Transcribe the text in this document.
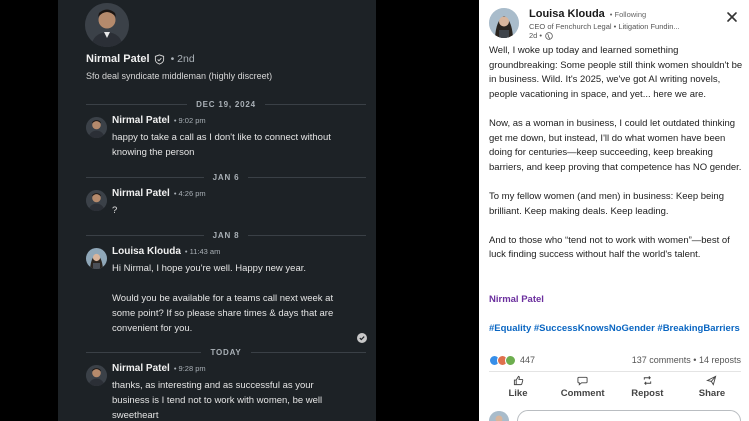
Nirmal Patel • 2nd
Sfo deal syndicate middleman (highly discreet)
DEC 19, 2024
JAN 6
JAN 8
TODAY
Nirmal Patel • 9:02 pm

happy to take a call as I don't like to connect without knowing the person

Nirmal Patel • 4:26 pm

?

Louisa Klouda • 11:43 am

Hi Nirmal, I hope you're well. Happy new year.

Would you be available for a teams call next week at some point? If so please share times & days that are convenient for you.

Nirmal Patel • 9:28 pm

thanks, as interesting and as successful as your business is I tend not to work with women, be well sweetheart

Louisa Klouda • Following
CEO of Fenchurch Legal • Litigation Fundin...
2d •

Well, I woke up today and learned something groundbreaking: Some people still think women shouldn't be in business. Wild. It's 2025, we've got AI writing novels, people vacationing in space, and yet... here we are.

Now, as a woman in business, I could let outdated thinking get me down, but instead, I'll do what women have been doing for centuries—keep succeeding, keep breaking barriers, and keep proving that competence has NO gender.

To my fellow women (and men) in business: Keep being brilliant. Keep making deals. Keep leading.

And to those who “tend not to work with women”—best of luck finding success without half the world's talent.

Nirmal Patel
#Equality #SuccessKnowsNoGender #BreakingBarriers
447	137 comments • 14 reposts
Like	Comment	Repost	Share
